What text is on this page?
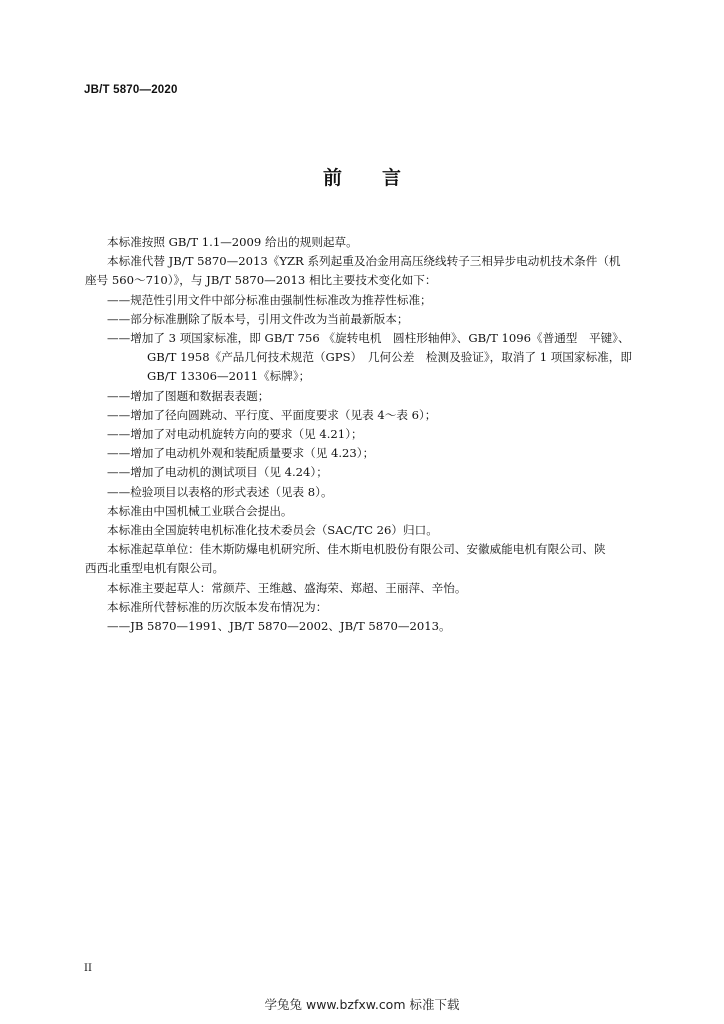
JB/T 5870—2020
前 言

本标准按照 GB/T 1.1—2009 给出的规则起草。

本标准代替 JB/T 5870—2013《YZR 系列起重及冶金用高压绕线转子三相异步电动机技术条件（机

座号 560～710）》，与 JB/T 5870—2013 相比主要技术变化如下：

——规范性引用文件中部分标准由强制性标准改为推荐性标准；

——部分标准删除了版本号，引用文件改为当前最新版本；

——增加了 3 项国家标准，即 GB/T 756 《旋转电机　圆柱形轴伸》、GB/T 1096《普通型　平键》、

GB/T 1958《产品几何技术规范（GPS）　几何公差　检测及验证》，取消了 1 项国家标准，即

GB/T 13306—2011《标牌》；

——增加了图题和数据表表题；

——增加了径向圆跳动、平行度、平面度要求（见表 4～表 6）；

——增加了对电动机旋转方向的要求（见 4.21）；

——增加了电动机外观和装配质量要求（见 4.23）；

——增加了电动机的测试项目（见 4.24）；

——检验项目以表格的形式表述（见表 8）。

本标准由中国机械工业联合会提出。

本标准由全国旋转电机标准化技术委员会（SAC/TC 26）归口。

本标准起草单位：佳木斯防爆电机研究所、佳木斯电机股份有限公司、安徽威能电机有限公司、陕

西西北重型电机有限公司。

本标准主要起草人：常颜芹、王维越、盛海荣、郑超、王丽萍、辛怡。

本标准所代替标准的历次版本发布情况为：

——JB 5870—1991、JB/T 5870—2002、JB/T 5870—2013。

II
学兔兔 www.bzfxw.com 标准下载
